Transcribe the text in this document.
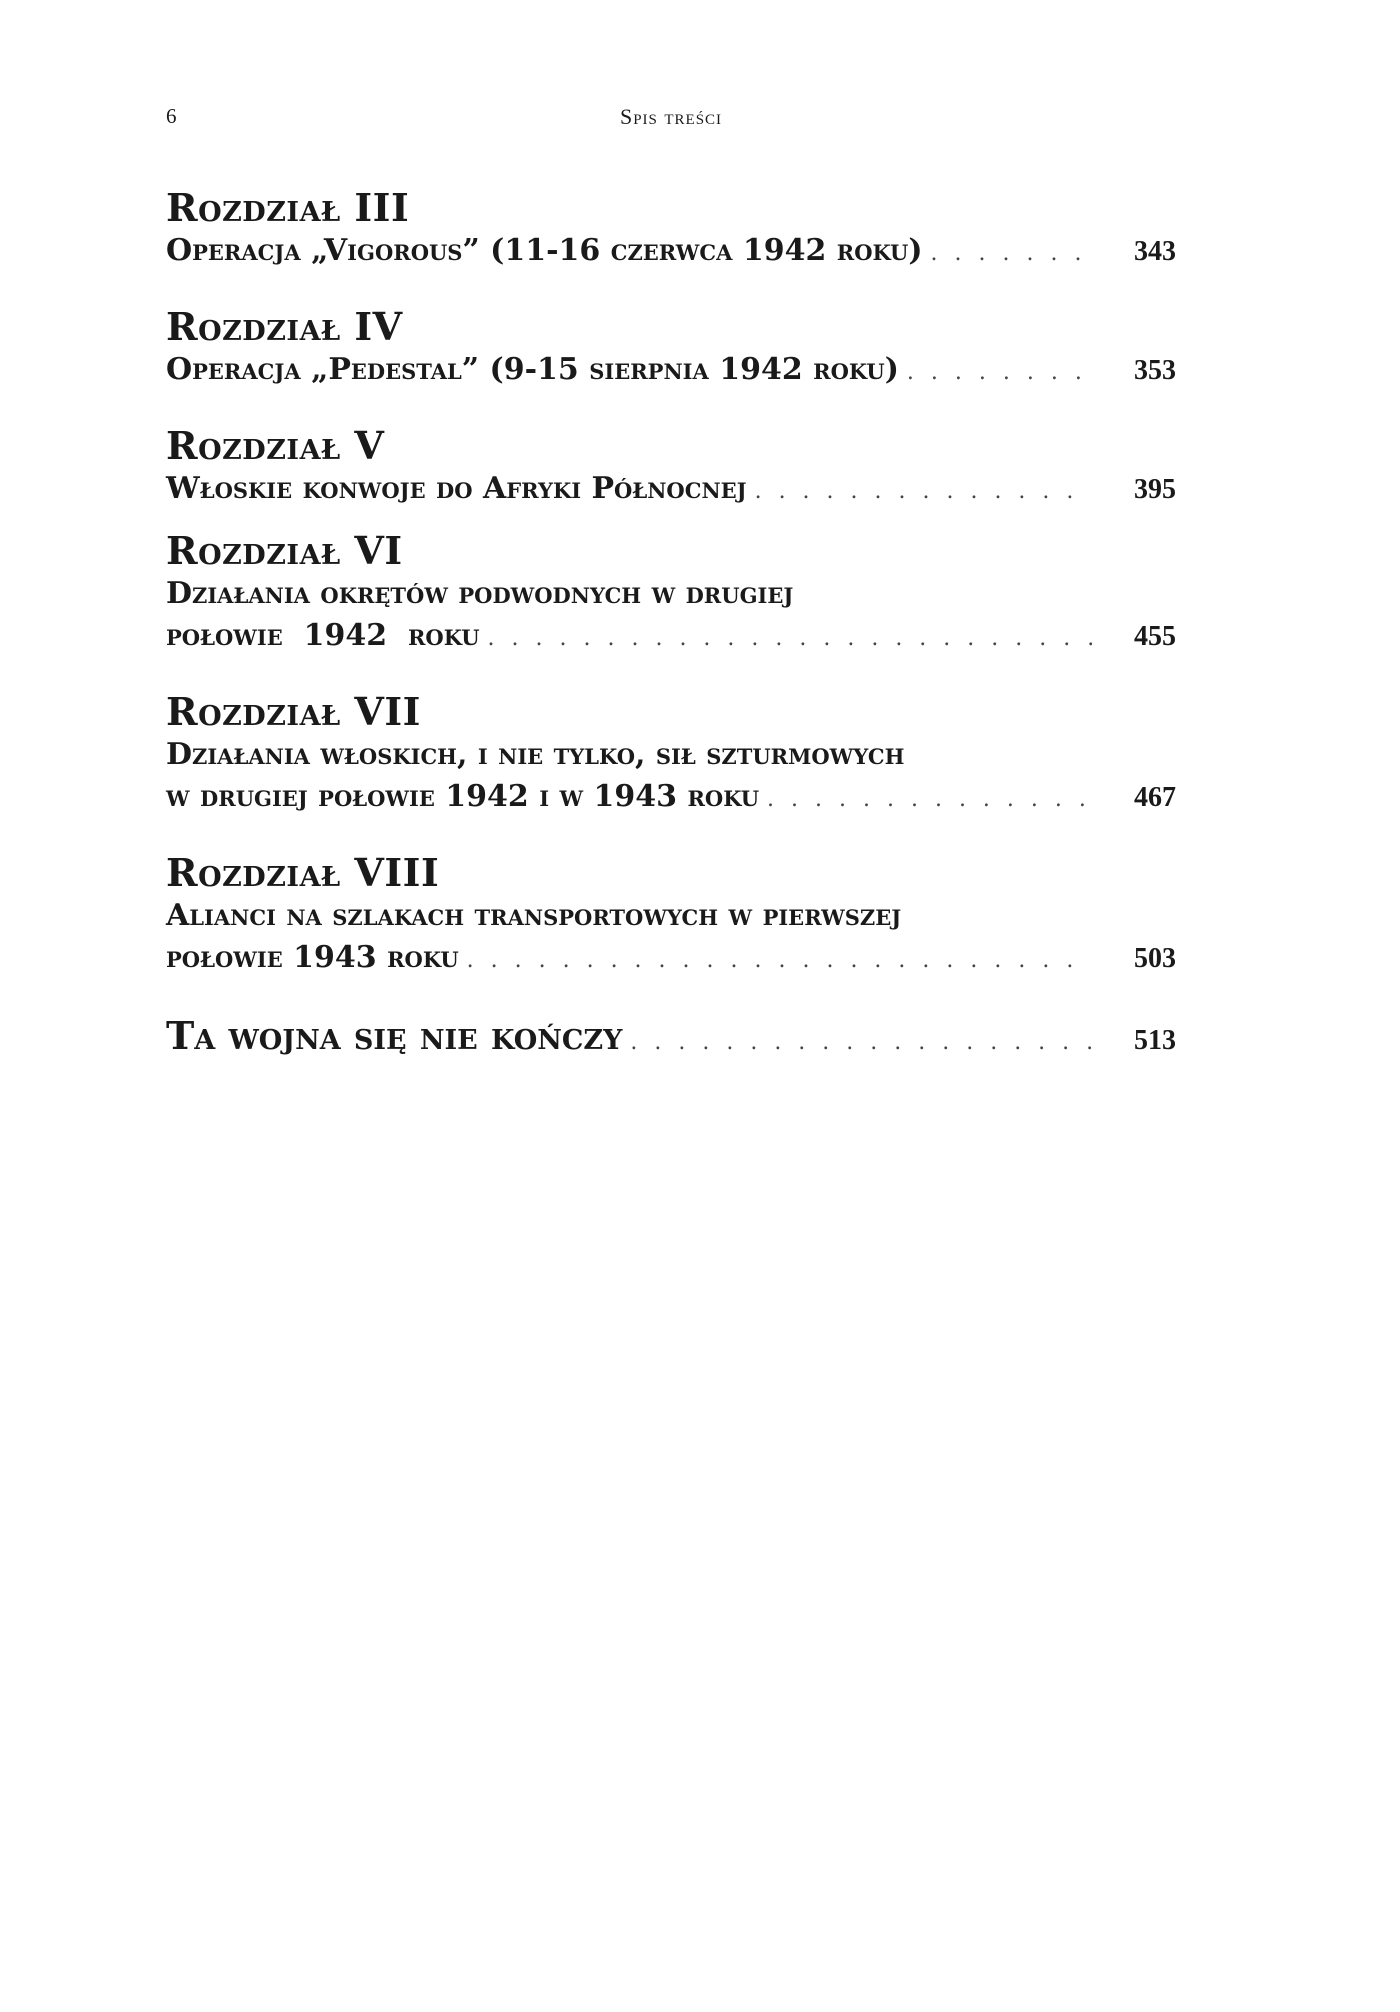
6	Spis treści
Rozdział III
Operacja „Vigorous” (11-16 czerwca 1942 roku) . . .	343
Rozdział IV
Operacja „Pedestal” (9-15 sierpnia 1942 roku) . . .	353
Rozdział V
Włoskie konwoje do Afryki Północnej . . .	395
Rozdział VI
Działania okrętów podwodnych w drugiej
połowie  1942  roku . . .	455
Rozdział VII
Działania włoskich, i nie tylko, sił szturmowych
w drugiej połowie 1942 i w 1943 roku . . .	467
Rozdział VIII
Alianci na szlakach transportowych w pierwszej
połowie 1943 roku . . .	503
Ta wojna się nie kończy . . .	513
